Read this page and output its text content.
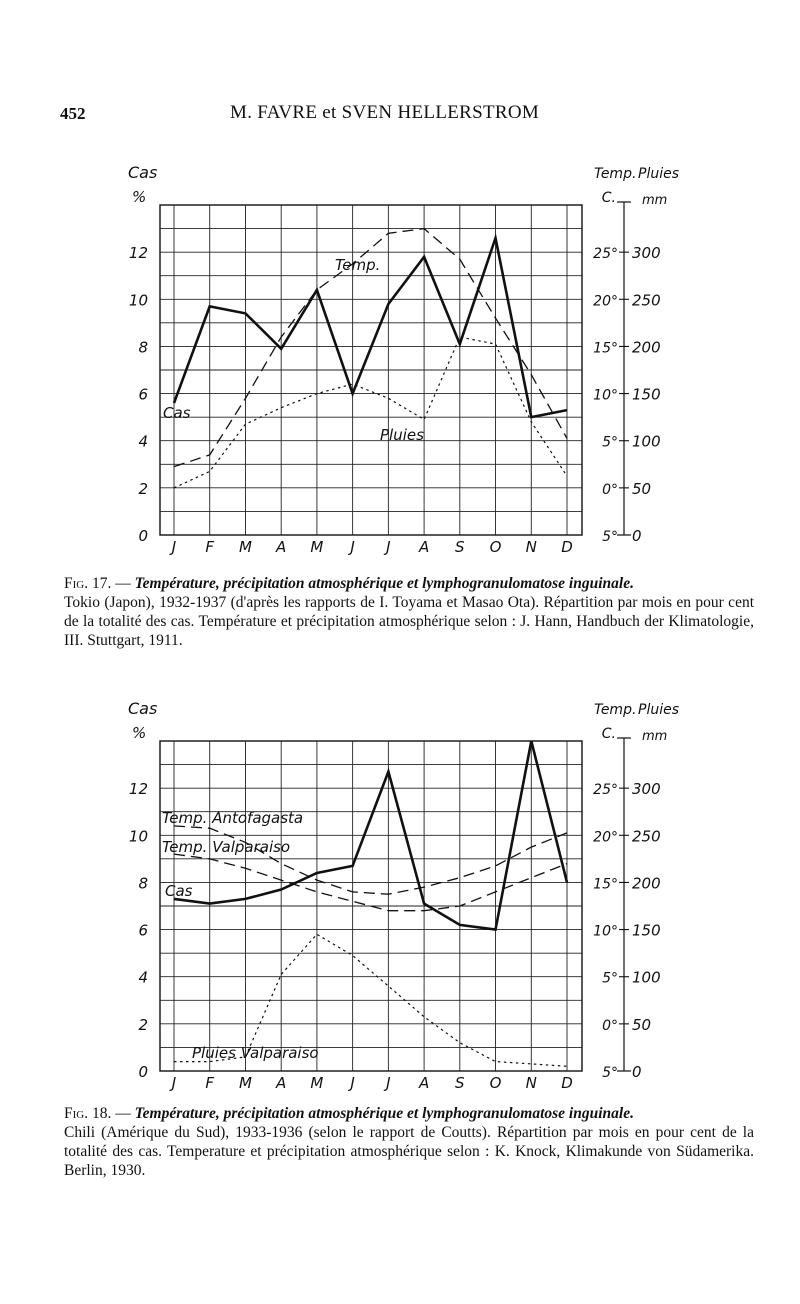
452	M. FAVRE et SVEN HELLERSTROM
Cas
%
0
2
4
6
8
10
12
Temp. Pluies
C. mm
5°
0°
5°
10°
15°
20°
25°
0
50
100
150
200
250
300
J F M A M J J A S O N D
Cas
Temp.
Pluies
Fig. 17. — Température, précipitation atmosphérique et lymphogranulomatose inguinale.
Tokio (Japon), 1932-1937 (d'après les rapports de I. Toyama et Masao Ota). Répartition par mois en pour cent de la totalité des cas. Température et précipitation atmosphérique selon : J. Hann, Handbuch der Klimatologie, III. Stuttgart, 1911.
Cas
%
0
2
4
6
8
10
12
Temp. Pluies
C. mm
5°
0°
5°
10°
15°
20°
25°
0
50
100
150
200
250
300
J F M A M J J A S O N D
Cas
Temp. Antofagasta
Temp. Valparaiso
Pluies Valparaiso
Fig. 18. — Température, précipitation atmosphérique et lymphogranulomatose inguinale.
Chili (Amérique du Sud), 1933-1936 (selon le rapport de Coutts). Répartition par mois en pour cent de la totalité des cas. Temperature et précipitation atmosphérique selon : K. Knock, Klimakunde von Südamerika. Berlin, 1930.
